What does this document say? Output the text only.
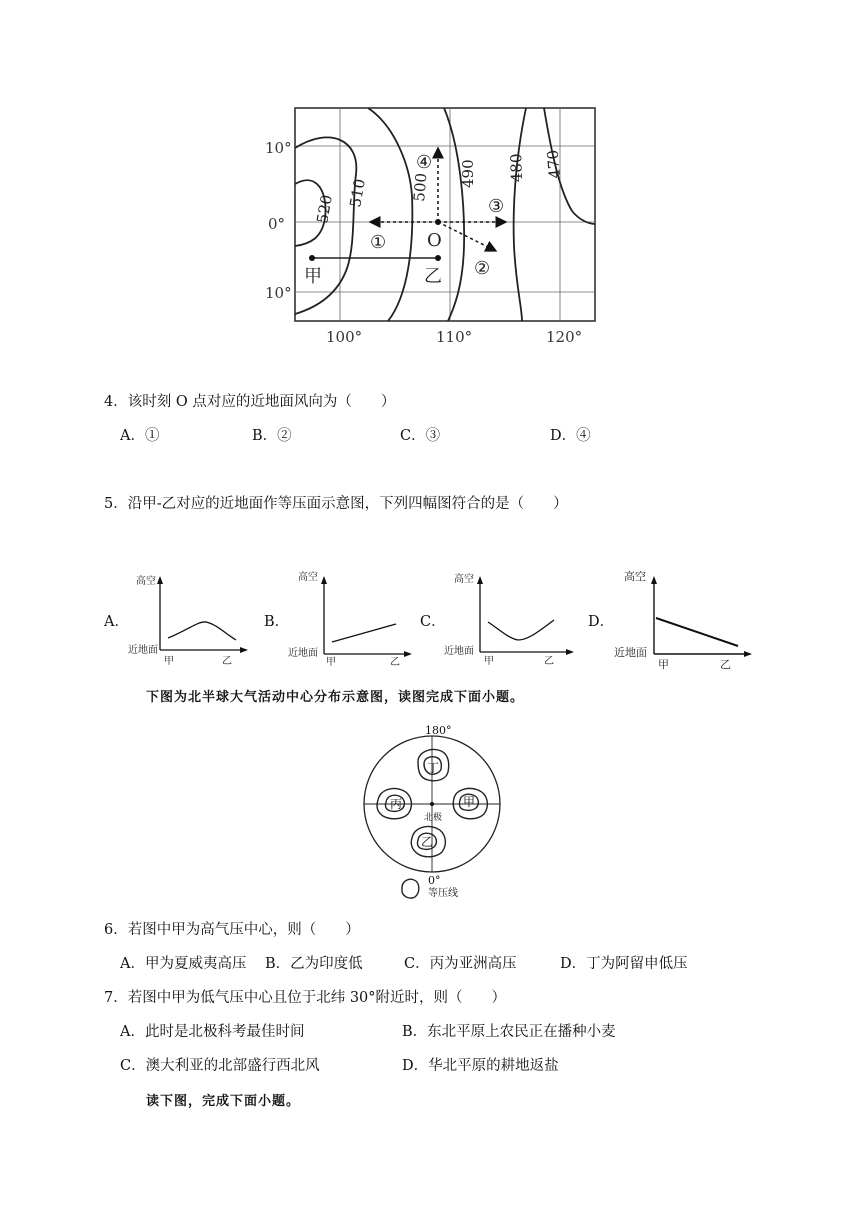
520
510	500 490 480 470
10°
0°
10°
100°	110°	120°
①
②
③
④
O
甲	乙
4．该时刻 O 点对应的近地面风向为（　　）
A．①	B．②	C．③	D．④
5．沿甲-乙对应的近地面作等压面示意图，下列四幅图符合的是（　　）
A．	B．	C．	D．
高空
近地面
甲	乙
高空
近地面
甲	乙
高空
近地面
甲	乙
高空
近地面
甲	乙
下图为北半球大气活动中心分布示意图，读图完成下面小题。
180°
0°
北极
丁
丙	甲
乙
等压线
6．若图中甲为高气压中心，则（　　）
A．甲为夏威夷高压 B．乙为印度低	C．丙为亚洲高压	D．丁为阿留申低压
7．若图中甲为低气压中心且位于北纬 30°附近时，则（　　）
A．此时是北极科考最佳时间	B．东北平原上农民正在播种小麦
C．澳大利亚的北部盛行西北风	D．华北平原的耕地返盐
读下图，完成下面小题。
